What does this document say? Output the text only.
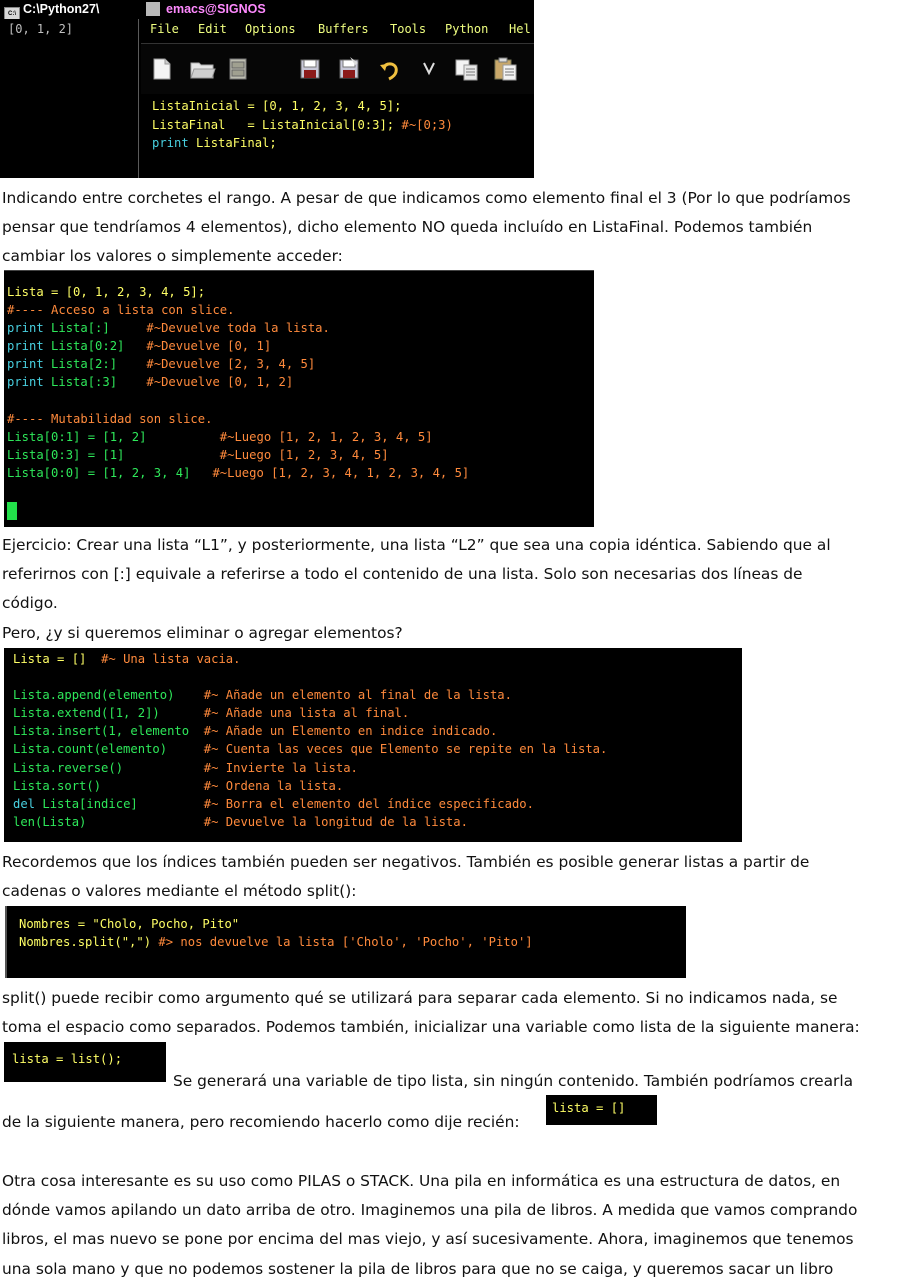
C:\ C:\Python27\
[0, 1, 2]
emacs@SIGNOS
File Edit Options Buffers Tools Python Hel
ListaInicial = [0, 1, 2, 3, 4, 5];
ListaFinal   = ListaInicial[0:3]; #~[0;3)
print ListaFinal;

Indicando entre corchetes el rango. A pesar de que indicamos como elemento final el 3 (Por lo que podríamos

pensar que tendríamos 4 elementos), dicho elemento NO queda incluído en ListaFinal. Podemos también

cambiar los valores o simplemente acceder:

Lista = [0, 1, 2, 3, 4, 5];
#---- Acceso a lista con slice.
print Lista[:]     #~Devuelve toda la lista.
print Lista[0:2]   #~Devuelve [0, 1]
print Lista[2:]    #~Devuelve [2, 3, 4, 5]
print Lista[:3]    #~Devuelve [0, 1, 2]
#---- Mutabilidad son slice.
Lista[0:1] = [1, 2]          #~Luego [1, 2, 1, 2, 3, 4, 5]
Lista[0:3] = [1]             #~Luego [1, 2, 3, 4, 5]
Lista[0:0] = [1, 2, 3, 4]   #~Luego [1, 2, 3, 4, 1, 2, 3, 4, 5]

Ejercicio: Crear una lista “L1”, y posteriormente, una lista “L2” que sea una copia idéntica. Sabiendo que al

referirnos con [:] equivale a referirse a todo el contenido de una lista. Solo son necesarias dos líneas de

código.

Pero, ¿y si queremos eliminar o agregar elementos?

Lista = []  #~ Una lista vacia.
Lista.append(elemento)    #~ Añade un elemento al final de la lista.
Lista.extend([1, 2])      #~ Añade una lista al final.
Lista.insert(1, elemento  #~ Añade un Elemento en indice indicado.
Lista.count(elemento)     #~ Cuenta las veces que Elemento se repite en la lista.
Lista.reverse()           #~ Invierte la lista.
Lista.sort()              #~ Ordena la lista.
del Lista[indice]         #~ Borra el elemento del índice especificado.
len(Lista)                #~ Devuelve la longitud de la lista.

Recordemos que los índices también pueden ser negativos. También es posible generar listas a partir de

cadenas o valores mediante el método split():

Nombres = "Cholo, Pocho, Pito"
Nombres.split(",") #> nos devuelve la lista ['Cholo', 'Pocho', 'Pito']

split() puede recibir como argumento qué se utilizará para separar cada elemento. Si no indicamos nada, se

toma el espacio como separados. Podemos también, inicializar una variable como lista de la siguiente manera:

lista = list();
Se generará una variable de tipo lista, sin ningún contenido. También podríamos crearla
de la siguiente manera, pero recomiendo hacerlo como dije recién:
lista = []

Otra cosa interesante es su uso como PILAS o STACK. Una pila en informática es una estructura de datos, en

dónde vamos apilando un dato arriba de otro. Imaginemos una pila de libros. A medida que vamos comprando

libros, el mas nuevo se pone por encima del mas viejo, y así sucesivamente. Ahora, imaginemos que tenemos

una sola mano y que no podemos sostener la pila de libros para que no se caiga, y queremos sacar un libro
